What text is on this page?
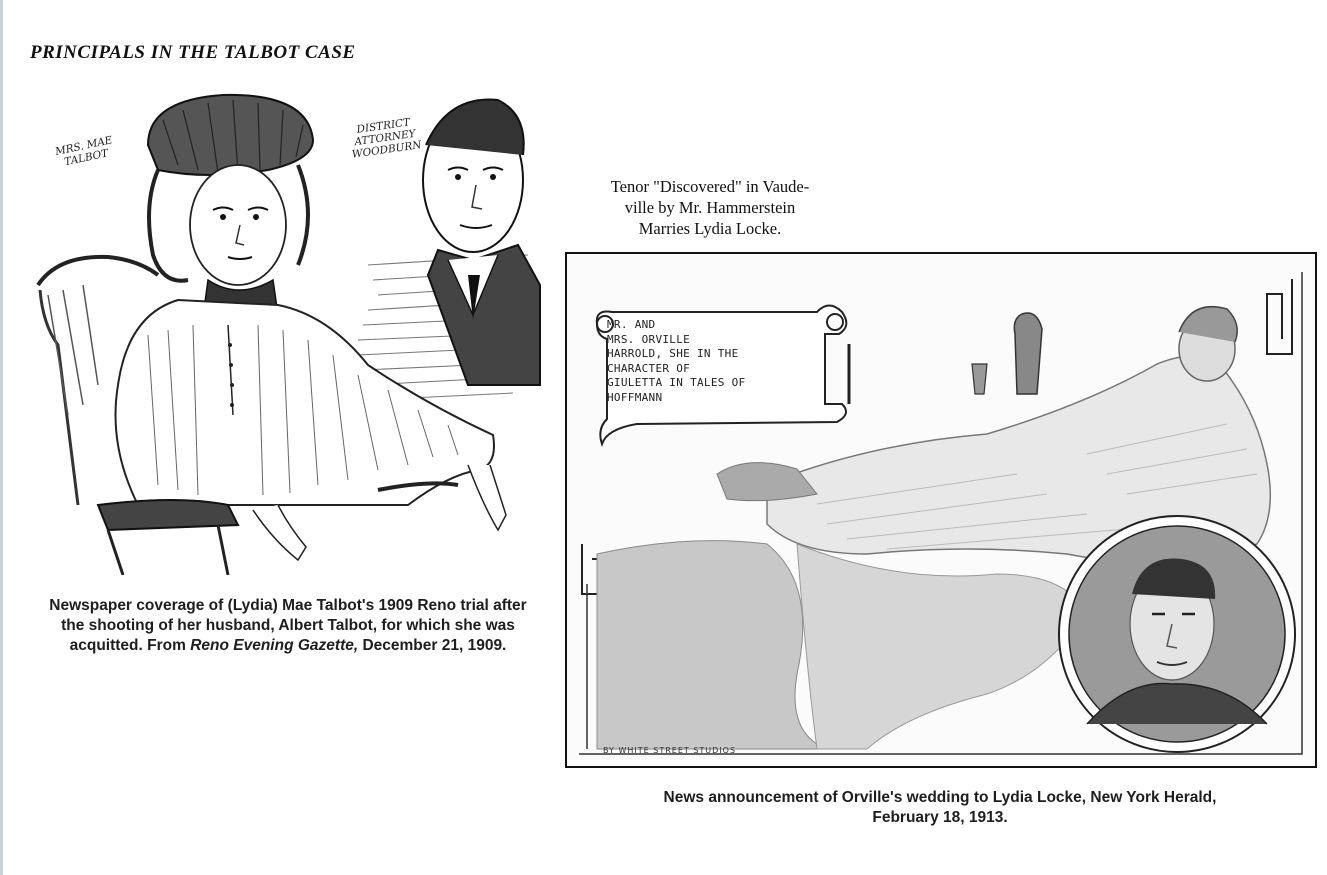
PRINCIPALS IN THE TALBOT CASE
MRS. MAE
TALBOT
DISTRICT
ATTORNEY
WOODBURN
Newspaper coverage of (Lydia) Mae Talbot's 1909 Reno trial after the shooting of her husband, Albert Talbot, for which she was acquitted. From Reno Evening Gazette, December 21, 1909.
Tenor "Discovered" in Vaude-
ville by Mr. Hammerstein
Marries Lydia Locke.
MR. AND
MRS. ORVILLE
HARROLD, SHE IN THE
CHARACTER OF
GIULETTA IN TALES OF
HOFFMANN
BY WHITE STREET STUDIOS
News announcement of Orville's wedding to Lydia Locke, New York Herald,
February 18, 1913.
